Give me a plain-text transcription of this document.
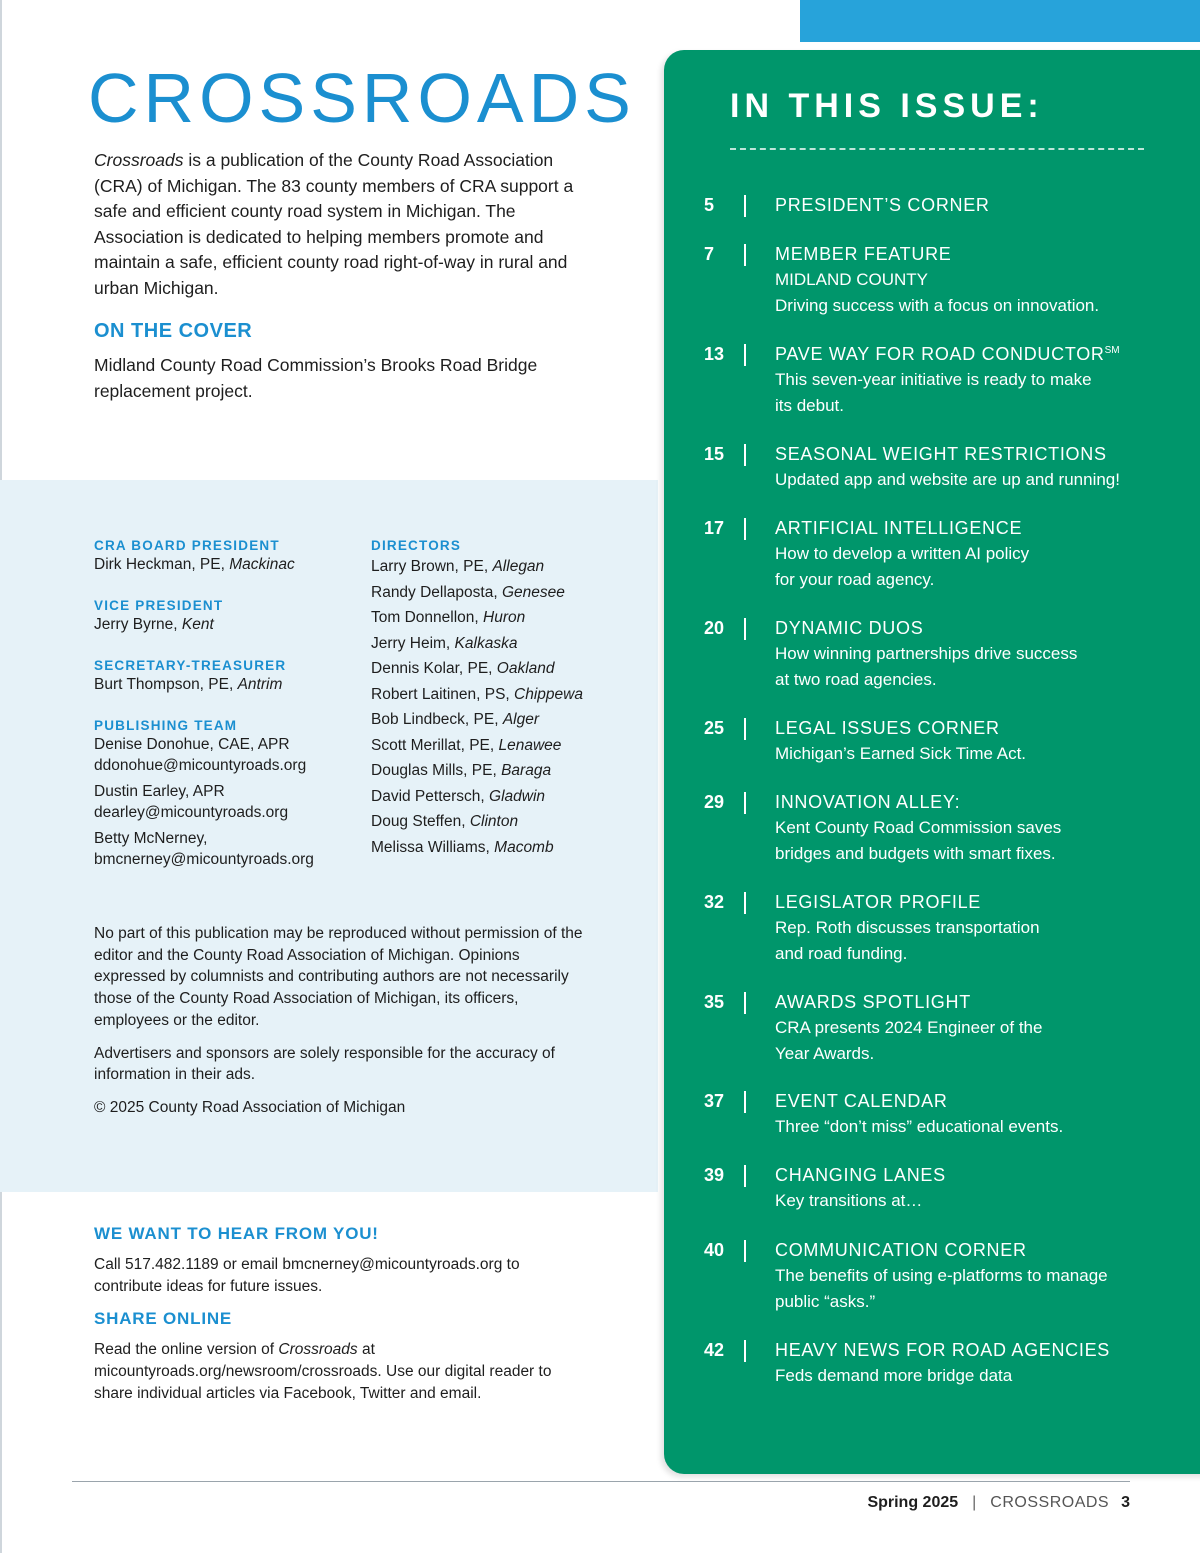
CROSSROADS
Crossroads is a publication of the County Road Association (CRA) of Michigan. The 83 county members of CRA support a safe and efficient county road system in Michigan. The Association is dedicated to helping members promote and maintain a safe, efficient county road right-of-way in rural and urban Michigan.
ON THE COVER
Midland County Road Commission’s Brooks Road Bridge replacement project.
CRA BOARD PRESIDENT
Dirk Heckman, PE, Mackinac
VICE PRESIDENT
Jerry Byrne, Kent
SECRETARY-TREASURER
Burt Thompson, PE, Antrim
PUBLISHING TEAM
Denise Donohue, CAE, APR
ddonohue@micountyroads.org
Dustin Earley, APR
dearley@micountyroads.org
Betty McNerney,
bmcnerney@micountyroads.org
DIRECTORS
Larry Brown, PE, Allegan
Randy Dellaposta, Genesee
Tom Donnellon, Huron
Jerry Heim, Kalkaska
Dennis Kolar, PE, Oakland
Robert Laitinen, PS, Chippewa
Bob Lindbeck, PE, Alger
Scott Merillat, PE, Lenawee
Douglas Mills, PE, Baraga
David Pettersch, Gladwin
Doug Steffen, Clinton
Melissa Williams, Macomb

No part of this publication may be reproduced without permission of the editor and the County Road Association of Michigan. Opinions expressed by columnists and contributing authors are not necessarily those of the County Road Association of Michigan, its officers, employees or the editor.

Advertisers and sponsors are solely responsible for the accuracy of information in their ads.

© 2025 County Road Association of Michigan

WE WANT TO HEAR FROM YOU!
Call 517.482.1189 or email bmcnerney@micountyroads.org to contribute ideas for future issues.
SHARE ONLINE
Read the online version of Crossroads at micountyroads.org/newsroom/crossroads. Use our digital reader to share individual articles via Facebook, Twitter and email.
IN THIS ISSUE:
5	PRESIDENT’S CORNER
7	MEMBER FEATURE
MIDLAND COUNTY
Driving success with a focus on innovation.
13	PAVE WAY FOR ROAD CONDUCTOR℠
This seven-year initiative is ready to make
its debut.
15	SEASONAL WEIGHT RESTRICTIONS
Updated app and website are up and running!
17	ARTIFICIAL INTELLIGENCE
How to develop a written AI policy
for your road agency.
20	DYNAMIC DUOS
How winning partnerships drive success
at two road agencies.
25	LEGAL ISSUES CORNER
Michigan’s Earned Sick Time Act.
29	INNOVATION ALLEY:
Kent County Road Commission saves
bridges and budgets with smart fixes.
32	LEGISLATOR PROFILE
Rep. Roth discusses transportation
and road funding.
35	AWARDS SPOTLIGHT
CRA presents 2024 Engineer of the
Year Awards.
37	EVENT CALENDAR
Three “don’t miss” educational events.
39	CHANGING LANES
Key transitions at…
40	COMMUNICATION CORNER
The benefits of using e-platforms to manage
public “asks.”
42	HEAVY NEWS FOR ROAD AGENCIES
Feds demand more bridge data
Spring 2025 | CROSSROADS 3
